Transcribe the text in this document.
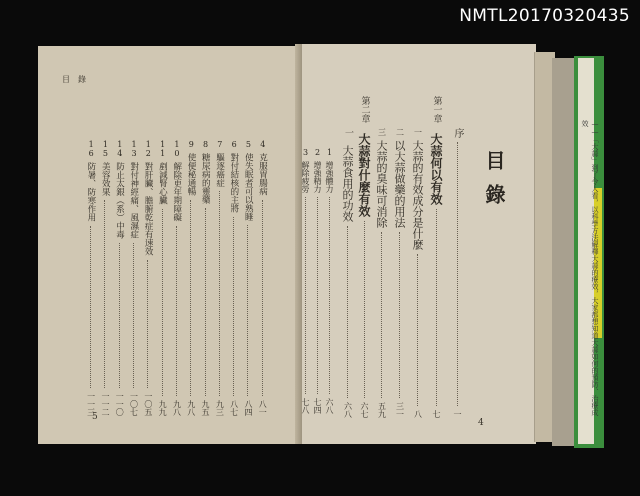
NMTL20170320435
——「大蒜」到了令人看，以科學方法解釋大蒜的療效，大家都想知道大蒜如何的預防、治療成效
目　錄
5
4
克服胃腸病
八一
5
使失眠者可以熟睡
八四
6
對付結核的主將
八七
7
驅逐癌症
九三
8
糖尿病的靈藥
九五
9
使便秘通暢
九八
10
解除更年期障礙
九八
11
剷減腎心臟
九九
12
對肝臟、膽腑乾症有速效
一〇五
13
對付神經痛、風濕症
一〇七
14
防止太銀（系）中毒
一一〇
15
美容效果
一一二
16
防暑、防寒作用
一一三
目錄
4
序
一
第一章
大蒜何以有效
七
一
大蒜的有效成分是什麼
八
二
以大蒜做藥的用法
三一
三
大蒜的臭味可消除
五九
第二章
大蒜對什麼有效
六七
一
大蒜食用的功效
六八
1
增強體力
六八
2
增強精力
七四
3
解除疲勞
七八
